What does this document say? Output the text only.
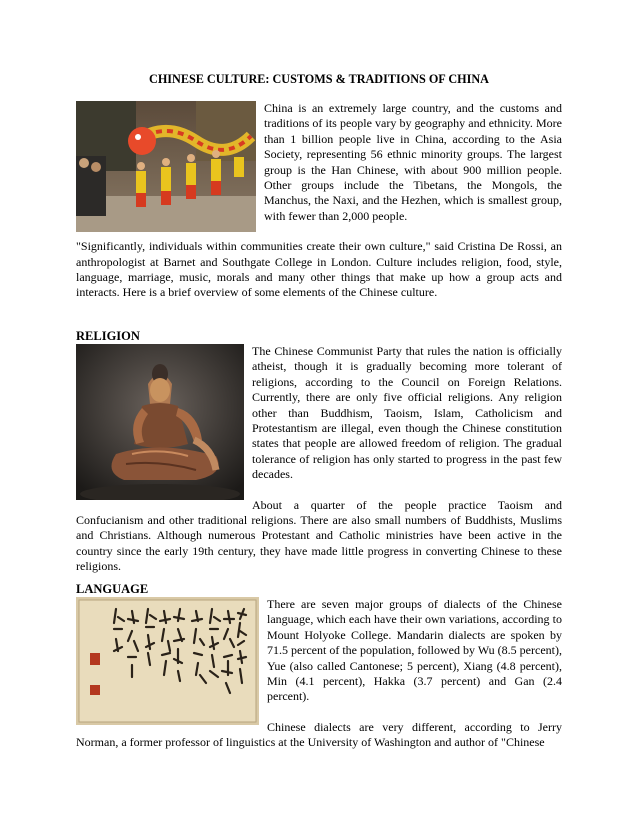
CHINESE CULTURE: CUSTOMS & TRADITIONS OF CHINA

China is an extremely large country, and the customs and traditions of its people vary by geography and ethnicity. More than 1 billion people live in China, according to the Asia Society, representing 56 ethnic minority groups. The largest group is the Han Chinese, with about 900 million people. Other groups include the Tibetans, the Mongols, the Manchus, the Naxi, and the Hezhen, which is smallest group, with fewer than 2,000 people.

"Significantly, individuals within communities create their own culture," said Cristina De Rossi, an anthropologist at Barnet and Southgate College in London. Culture includes religion, food, style, language, marriage, music, morals and many other things that make up how a group acts and interacts. Here is a brief overview of some elements of the Chinese culture.

RELIGION

The Chinese Communist Party that rules the nation is officially atheist, though it is gradually becoming more tolerant of religions, according to the Council on Foreign Relations. Currently, there are only five official religions. Any religion other than Buddhism, Taoism, Islam, Catholicism and Protestantism are illegal, even though the Chinese constitution states that people are allowed freedom of religion. The gradual tolerance of religion has only started to progress in the past few decades.

About a quarter of the people practice Taoism and Confucianism and other traditional religions. There are also small numbers of Buddhists, Muslims and Christians. Although numerous Protestant and Catholic ministries have been active in the country since the early 19th century, they have made little progress in converting Chinese to these religions.

LANGUAGE

There are seven major groups of dialects of the Chinese language, which each have their own variations, according to Mount Holyoke College. Mandarin dialects are spoken by 71.5 percent of the population, followed by Wu (8.5 percent), Yue (also called Cantonese; 5 percent), Xiang (4.8 percent), Min (4.1 percent), Hakka (3.7 percent) and Gan (2.4 percent).

Chinese dialects are very different, according to Jerry Norman, a former professor of linguistics at the University of Washington and author of "Chinese
